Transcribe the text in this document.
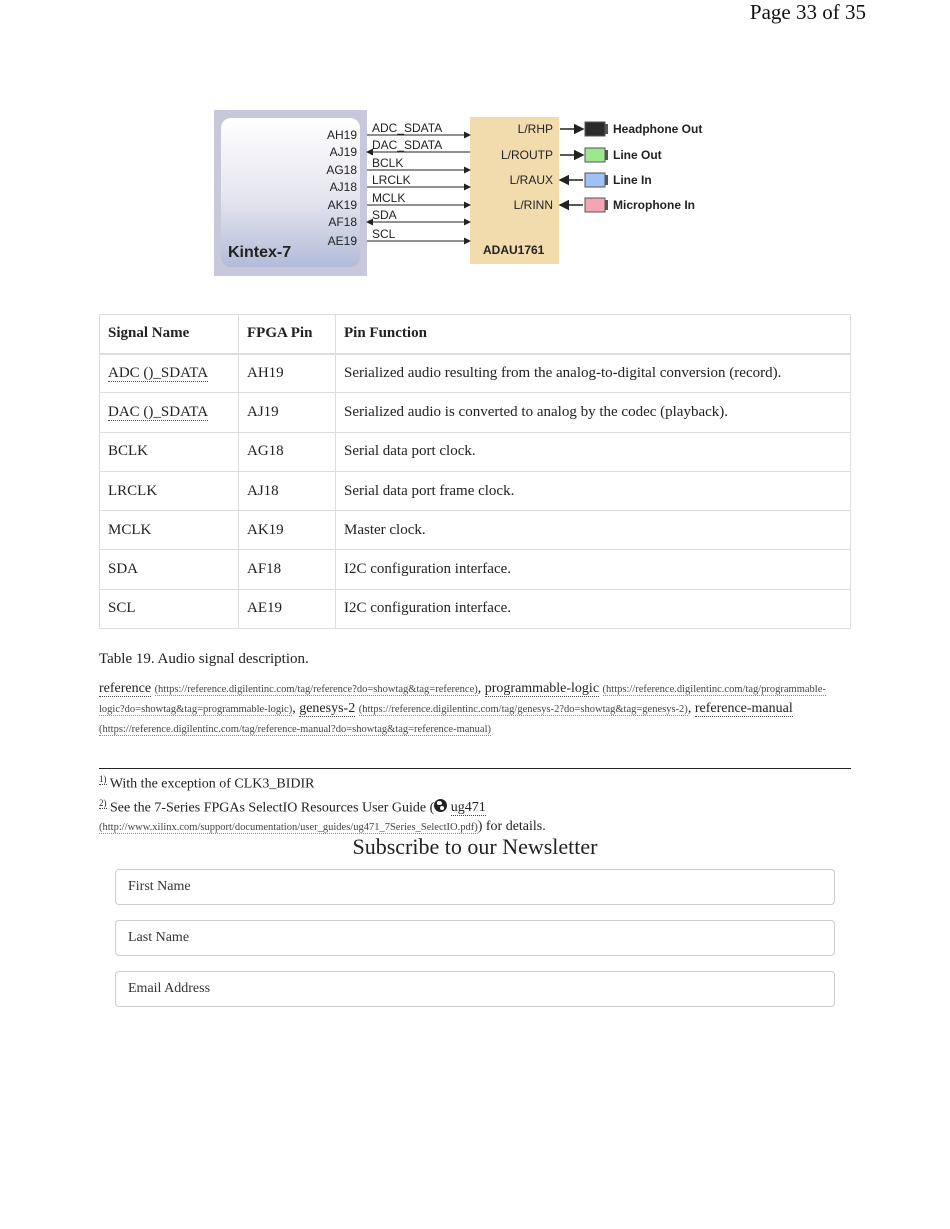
Page 33 of 35
Kintex-7	ADAU1761
AH19
AJ19
AG18
AJ18
AK19
AF18
AE19
ADC_SDATA
DAC_SDATA
BCLK
LRCLK
MCLK
SDA
SCL
L/RHP
L/ROUTP
L/RAUX
L/RINN
Headphone Out
Line Out
Line In
Microphone In
Signal Name	FPGA Pin	Pin Function
ADC ()_SDATA	AH19	Serialized audio resulting from the analog-to-digital conversion (record).
DAC ()_SDATA	AJ19	Serialized audio is converted to analog by the codec (playback).
BCLK	AG18	Serial data port clock.
LRCLK	AJ18	Serial data port frame clock.
MCLK	AK19	Master clock.
SDA	AF18	I2C configuration interface.
SCL	AE19	I2C configuration interface.
Table 19. Audio signal description.
reference (https://reference.digilentinc.com/tag/reference?do=showtag&tag=reference), programmable-logic (https://reference.digilentinc.com/tag/programmable-logic?do=showtag&tag=programmable-logic), genesys-2 (https://reference.digilentinc.com/tag/genesys-2?do=showtag&tag=genesys-2), reference-manual (https://reference.digilentinc.com/tag/reference-manual?do=showtag&tag=reference-manual)
$^{1)}$ With the exception of CLK3_BIDIR
$^{2)}$ See the 7-Series FPGAs SelectIO Resources User Guide ( ug471
(http://www.xilinx.com/support/documentation/user_guides/ug471_7Series_SelectIO.pdf)) for details.
Subscribe to our Newsletter
First Name
Last Name
Email Address
